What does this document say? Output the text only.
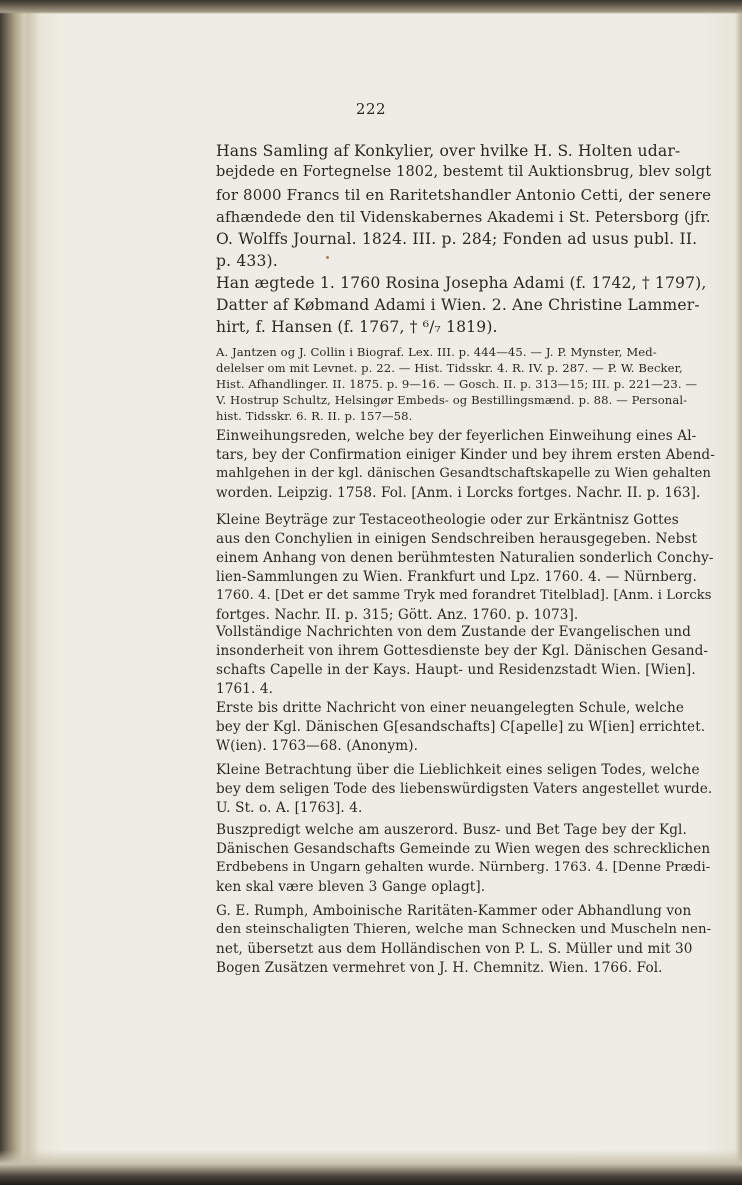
222
Hans Samling af Konkylier, over hvilke H. S. Holten udar-
bejdede en Fortegnelse 1802, bestemt til Auktionsbrug, blev solgt
for 8000 Francs til en Raritetshandler Antonio Cetti, der senere
afhændede den til Videnskabernes Akademi i St. Petersborg (jfr.
O. Wolffs Journal. 1824. III. p. 284; Fonden ad usus publ. II.
p. 433).
Han ægtede 1. 1760 Rosina Josepha Adami (f. 1742, † 1797),
Datter af Købmand Adami i Wien. 2. Ane Christine Lammer-
hirt, f. Hansen (f. 1767, † ⁶/₇ 1819).
A. Jantzen og J. Collin i Biograf. Lex. III. p. 444—45. — J. P. Mynster, Med-
delelser om mit Levnet. p. 22. — Hist. Tidsskr. 4. R. IV. p. 287. — P. W. Becker,
Hist. Afhandlinger. II. 1875. p. 9—16. — Gosch. II. p. 313—15; III. p. 221—23. —
V. Hostrup Schultz, Helsingør Embeds- og Bestillingsmænd. p. 88. — Personal-
hist. Tidsskr. 6. R. II. p. 157—58.
Einweihungsreden, welche bey der feyerlichen Einweihung eines Al-
tars, bey der Confirmation einiger Kinder und bey ihrem ersten Abend-
mahlgehen in der kgl. dänischen Gesandtschaftskapelle zu Wien gehalten
worden. Leipzig. 1758. Fol. [Anm. i Lorcks fortges. Nachr. II. p. 163].
Kleine Beyträge zur Testaceotheologie oder zur Erkäntnisz Gottes
aus den Conchylien in einigen Sendschreiben herausgegeben. Nebst
einem Anhang von denen berühmtesten Naturalien sonderlich Conchy-
lien-Sammlungen zu Wien. Frankfurt und Lpz. 1760. 4. — Nürnberg.
1760. 4. [Det er det samme Tryk med forandret Titelblad]. [Anm. i Lorcks
fortges. Nachr. II. p. 315; Gött. Anz. 1760. p. 1073].
Vollständige Nachrichten von dem Zustande der Evangelischen und
insonderheit von ihrem Gottesdienste bey der Kgl. Dänischen Gesand-
schafts Capelle in der Kays. Haupt- und Residenzstadt Wien. [Wien].
1761. 4.
Erste bis dritte Nachricht von einer neuangelegten Schule, welche
bey der Kgl. Dänischen G[esandschafts] C[apelle] zu W[ien] errichtet.
W(ien). 1763—68. (Anonym).
Kleine Betrachtung über die Lieblichkeit eines seligen Todes, welche
bey dem seligen Tode des liebenswürdigsten Vaters angestellet wurde.
U. St. o. A. [1763]. 4.
Buszpredigt welche am auszerord. Busz- und Bet Tage bey der Kgl.
Dänischen Gesandschafts Gemeinde zu Wien wegen des schrecklichen
Erdbebens in Ungarn gehalten wurde. Nürnberg. 1763. 4. [Denne Prædi-
ken skal være bleven 3 Gange oplagt].
G. E. Rumph, Amboinische Raritäten-Kammer oder Abhandlung von
den steinschaligten Thieren, welche man Schnecken und Muscheln nen-
net, übersetzt aus dem Holländischen von P. L. S. Müller und mit 30
Bogen Zusätzen vermehret von J. H. Chemnitz. Wien. 1766. Fol.
